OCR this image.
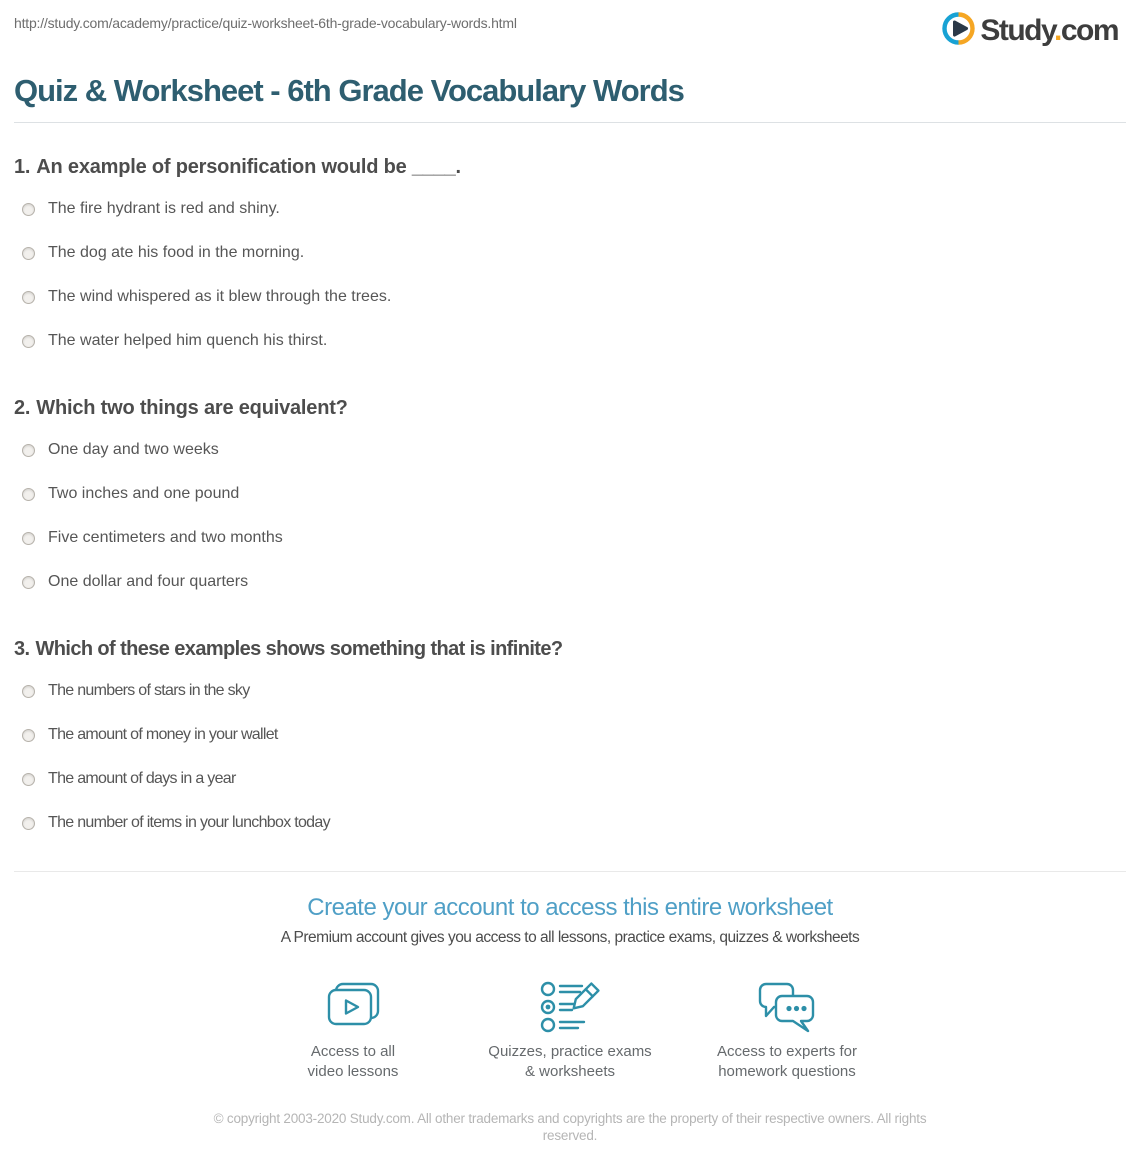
http://study.com/academy/practice/quiz-worksheet-6th-grade-vocabulary-words.html	Study.com
Quiz & Worksheet - 6th Grade Vocabulary Words
1. An example of personification would be ____.
The fire hydrant is red and shiny.
The dog ate his food in the morning.
The wind whispered as it blew through the trees.
The water helped him quench his thirst.
2. Which two things are equivalent?
One day and two weeks
Two inches and one pound
Five centimeters and two months
One dollar and four quarters
3. Which of these examples shows something that is infinite?
The numbers of stars in the sky
The amount of money in your wallet
The amount of days in a year
The number of items in your lunchbox today
Create your account to access this entire worksheet

A Premium account gives you access to all lessons, practice exams, quizzes & worksheets

Access to all
video lessons
Quizzes, practice exams
& worksheets
Access to experts for
homework questions
© copyright 2003-2020 Study.com. All other trademarks and copyrights are the property of their respective owners. All rights reserved.
